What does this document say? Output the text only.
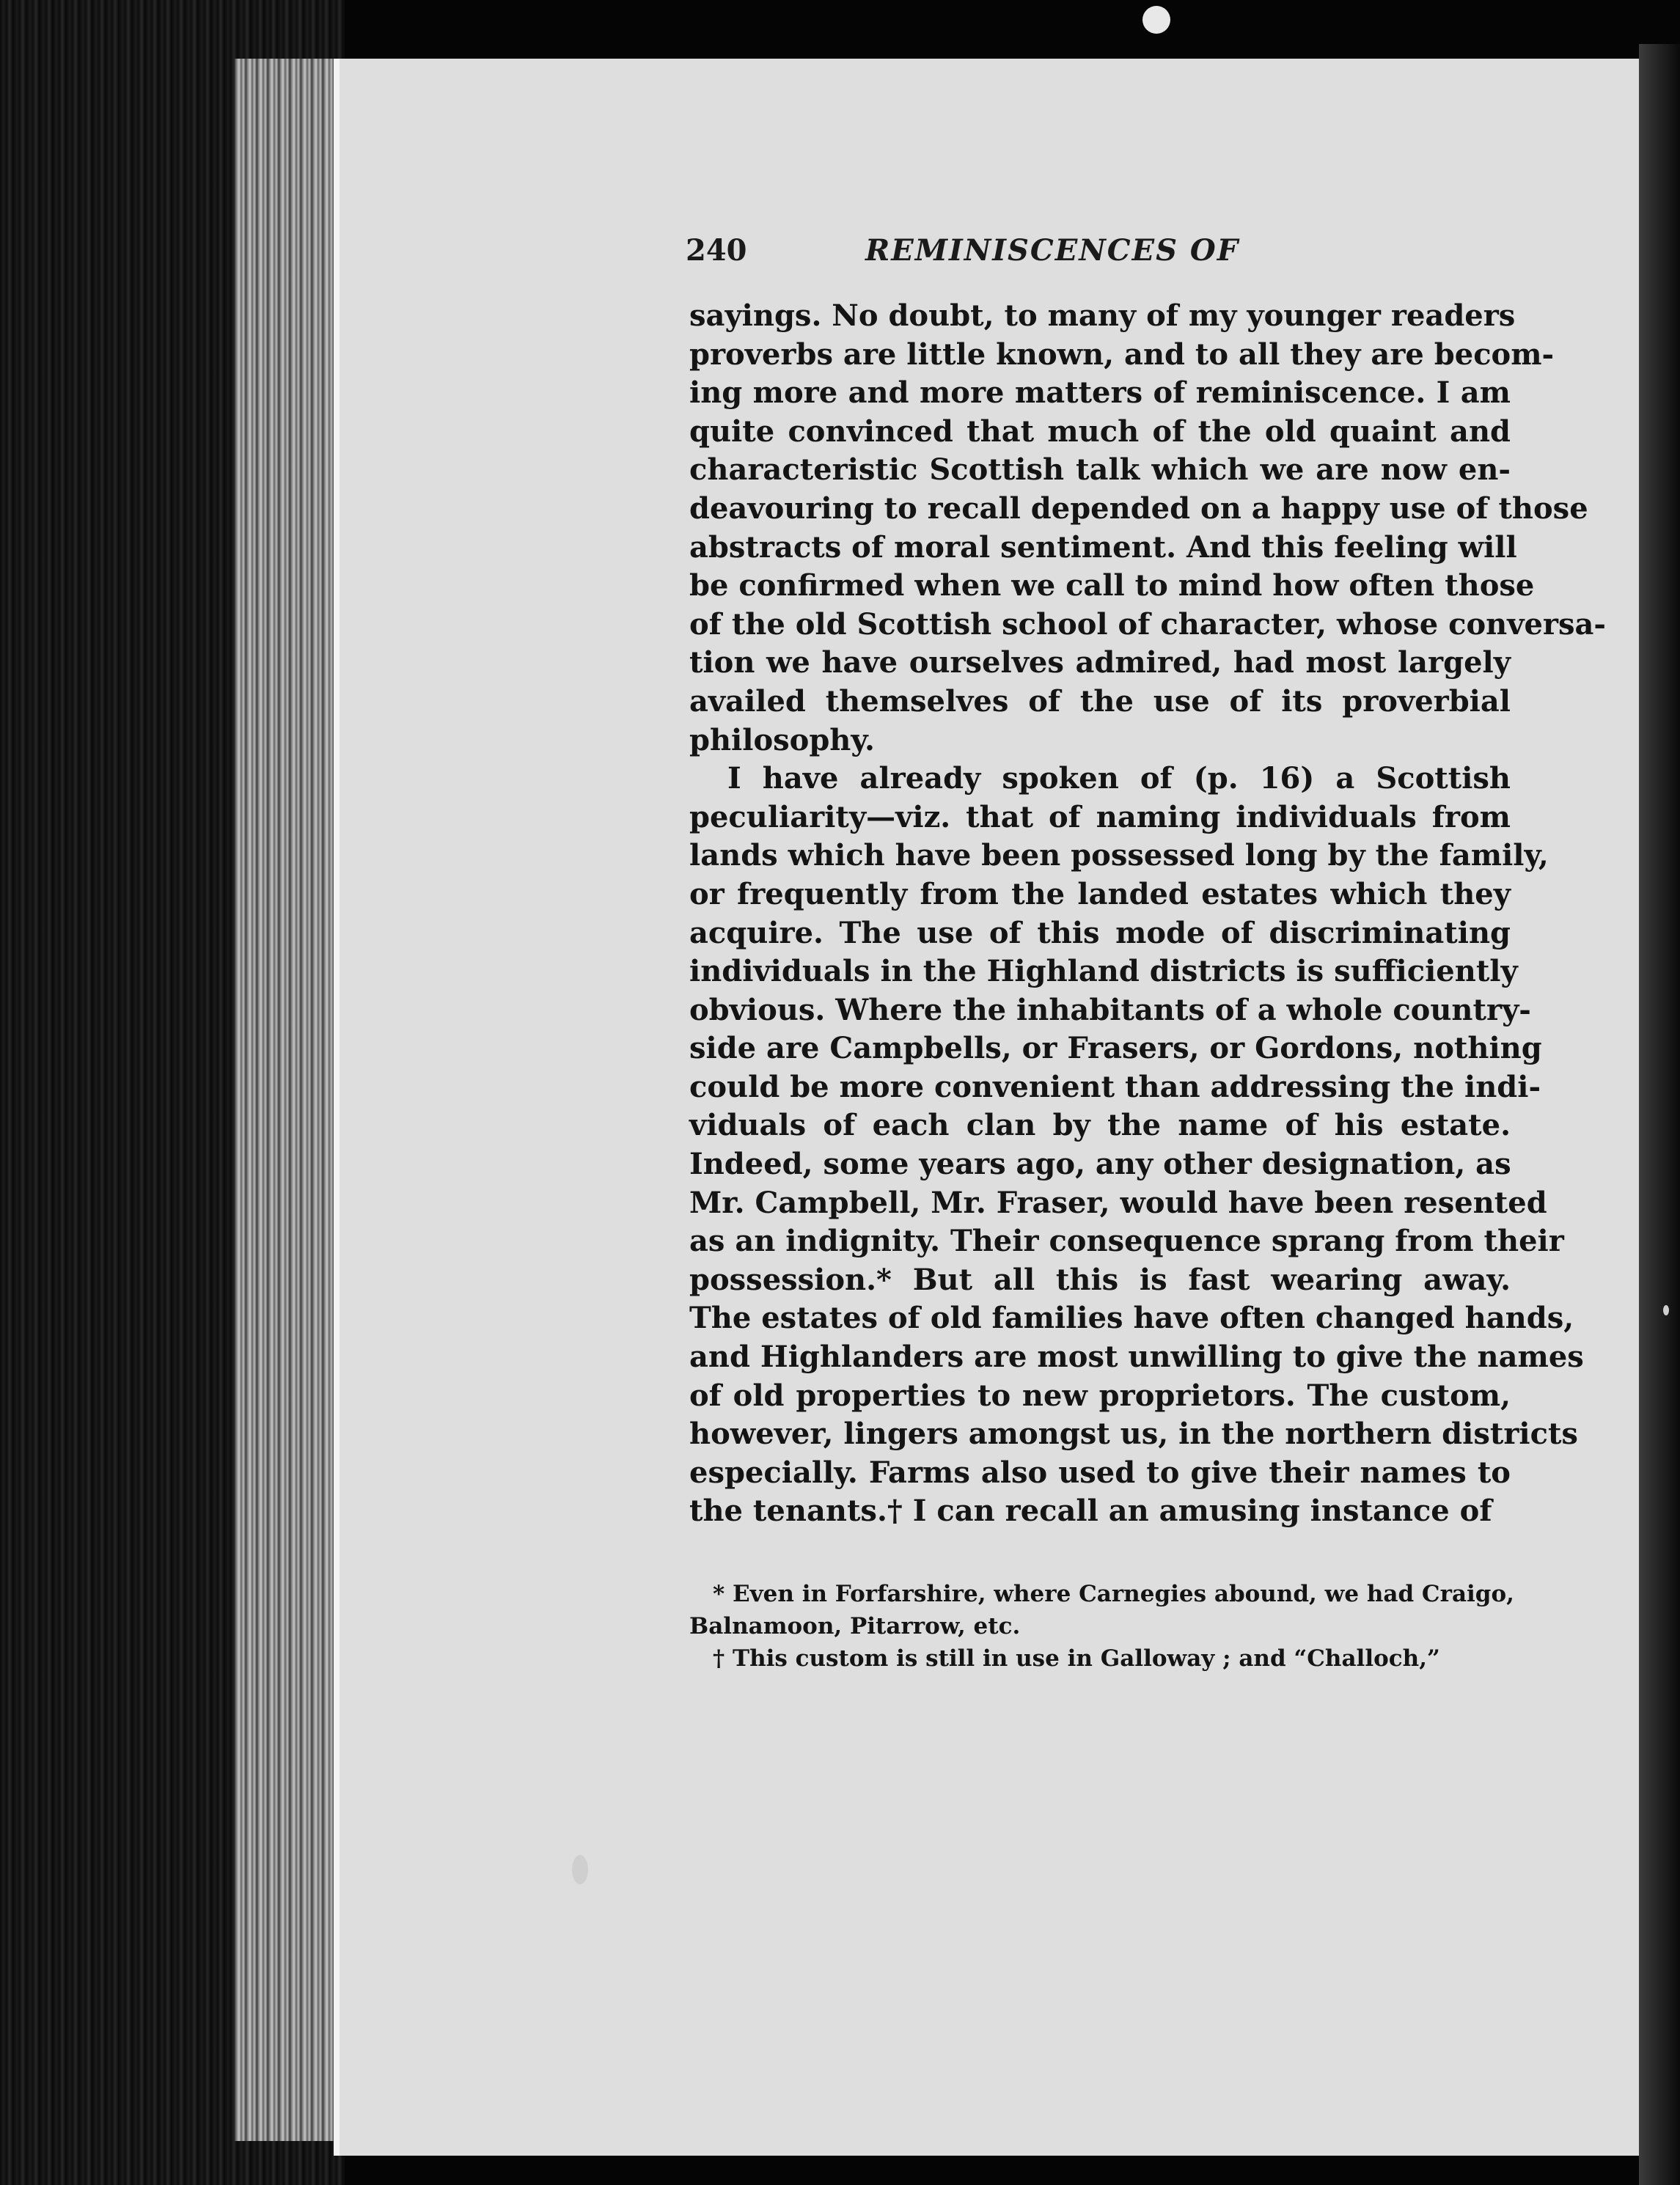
240	REMINISCENCES OF
sayings. No doubt, to many of my younger readers
proverbs are little known, and to all they are becom-
ing more and more matters of reminiscence. I am
quite convinced that much of the old quaint and
characteristic Scottish talk which we are now en-
deavouring to recall depended on a happy use of those
abstracts of moral sentiment. And this feeling will
be confirmed when we call to mind how often those
of the old Scottish school of character, whose conversa-
tion we have ourselves admired, had most largely
availed themselves of the use of its proverbial
philosophy.
I have already spoken of (p. 16) a Scottish
peculiarity—viz. that of naming individuals from
lands which have been possessed long by the family,
or frequently from the landed estates which they
acquire. The use of this mode of discriminating
individuals in the Highland districts is sufficiently
obvious. Where the inhabitants of a whole country-
side are Campbells, or Frasers, or Gordons, nothing
could be more convenient than addressing the indi-
viduals of each clan by the name of his estate.
Indeed, some years ago, any other designation, as
Mr. Campbell, Mr. Fraser, would have been resented
as an indignity. Their consequence sprang from their
possession.* But all this is fast wearing away.
The estates of old families have often changed hands,
and Highlanders are most unwilling to give the names
of old properties to new proprietors. The custom,
however, lingers amongst us, in the northern districts
especially. Farms also used to give their names to
the tenants.† I can recall an amusing instance of
* Even in Forfarshire, where Carnegies abound, we had Craigo,
Balnamoon, Pitarrow, etc.
† This custom is still in use in Galloway ; and “Challoch,”
